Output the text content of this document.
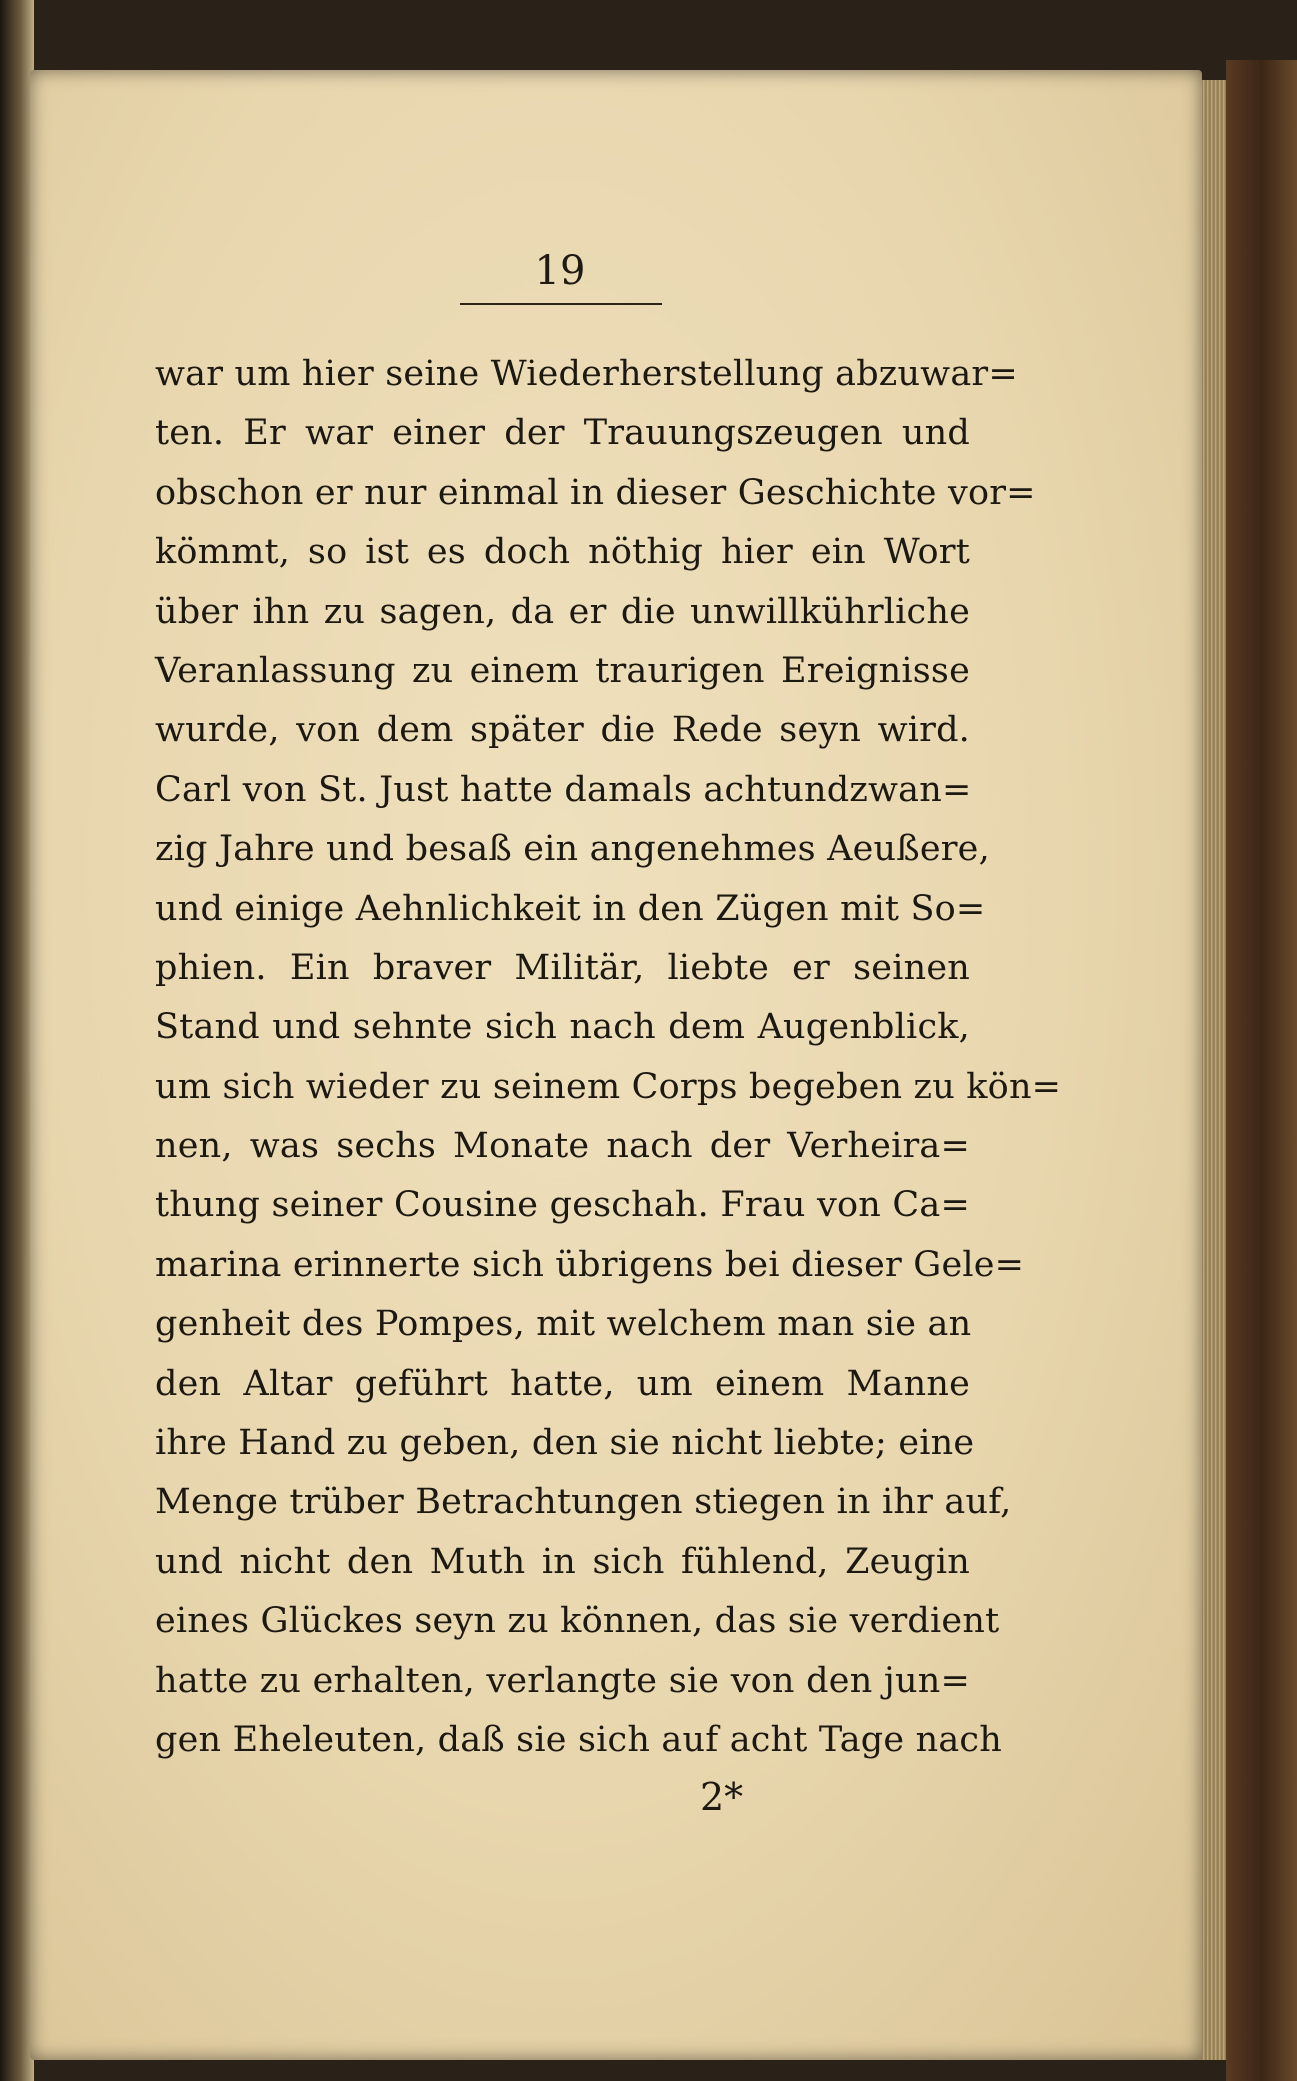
19
war um hier seine Wiederherstellung abzuwar=
ten. Er war einer der Trauungszeugen und
obschon er nur einmal in dieser Geschichte vor=
kömmt, so ist es doch nöthig hier ein Wort
über ihn zu sagen, da er die unwillkührliche
Veranlassung zu einem traurigen Ereignisse
wurde, von dem später die Rede seyn wird.
Carl von St. Just hatte damals achtundzwan=
zig Jahre und besaß ein angenehmes Aeußere,
und einige Aehnlichkeit in den Zügen mit So=
phien. Ein braver Militär, liebte er seinen
Stand und sehnte sich nach dem Augenblick,
um sich wieder zu seinem Corps begeben zu kön=
nen, was sechs Monate nach der Verheira=
thung seiner Cousine geschah. Frau von Ca=
marina erinnerte sich übrigens bei dieser Gele=
genheit des Pompes, mit welchem man sie an
den Altar geführt hatte, um einem Manne
ihre Hand zu geben, den sie nicht liebte; eine
Menge trüber Betrachtungen stiegen in ihr auf,
und nicht den Muth in sich fühlend, Zeugin
eines Glückes seyn zu können, das sie verdient
hatte zu erhalten, verlangte sie von den jun=
gen Eheleuten, daß sie sich auf acht Tage nach
2*
